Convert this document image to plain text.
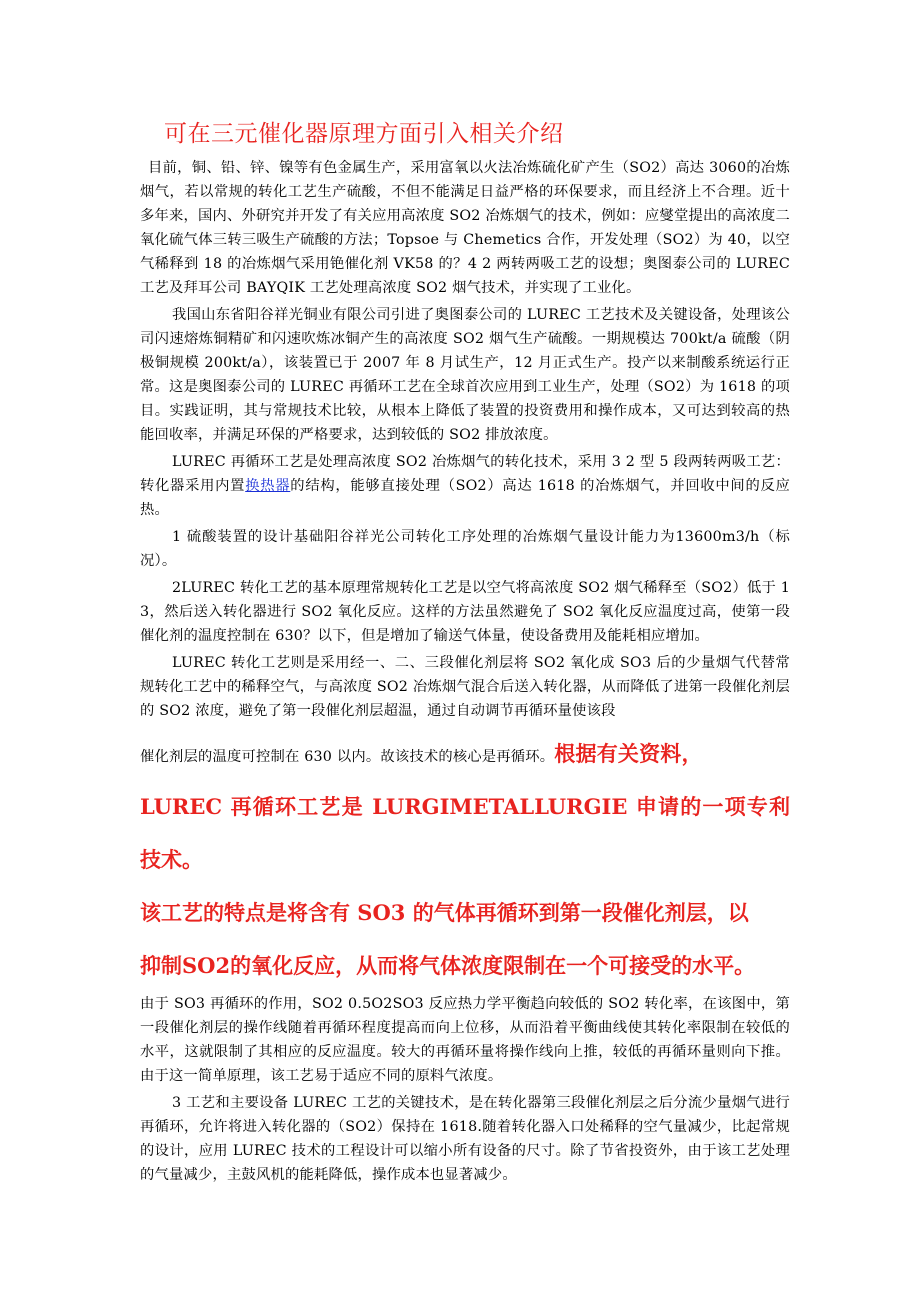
可在三元催化器原理方面引入相关介绍

目前，铜、铅、锌、镍等有色金属生产，采用富氧以火法冶炼硫化矿产生（SO2）高达 3060的冶炼烟气，若以常规的转化工艺生产硫酸，不但不能满足日益严格的环保要求，而且经济上不合理。近十多年来，国内、外研究并开发了有关应用高浓度 SO2 冶炼烟气的技术，例如：应燮堂提出的高浓度二氧化硫气体三转三吸生产硫酸的方法；Topsoe 与 Chemetics 合作，开发处理（SO2）为 40，以空气稀释到 18 的冶炼烟气采用铯催化剂 VK58 的？4 2 两转两吸工艺的设想；奥图泰公司的 LUREC 工艺及拜耳公司 BAYQIK 工艺处理高浓度 SO2 烟气技术，并实现了工业化。

我国山东省阳谷祥光铜业有限公司引进了奥图泰公司的 LUREC 工艺技术及关键设备，处理该公司闪速熔炼铜精矿和闪速吹炼冰铜产生的高浓度 SO2 烟气生产硫酸。一期规模达 700kt/a 硫酸（阴极铜规模 200kt/a），该装置已于 2007 年 8 月试生产，12 月正式生产。投产以来制酸系统运行正常。这是奥图泰公司的 LUREC 再循环工艺在全球首次应用到工业生产，处理（SO2）为 1618 的项目。实践证明，其与常规技术比较，从根本上降低了装置的投资费用和操作成本，又可达到较高的热能回收率，并满足环保的严格要求，达到较低的 SO2 排放浓度。

LUREC 再循环工艺是处理高浓度 SO2 冶炼烟气的转化技术，采用 3 2 型 5 段两转两吸工艺：转化器采用内置换热器的结构，能够直接处理（SO2）高达 1618 的冶炼烟气，并回收中间的反应热。

1 硫酸装置的设计基础阳谷祥光公司转化工序处理的冶炼烟气量设计能力为13600m3/h（标况）。

2LUREC 转化工艺的基本原理常规转化工艺是以空气将高浓度 SO2 烟气稀释至（SO2）低于 13，然后送入转化器进行 SO2 氧化反应。这样的方法虽然避免了 SO2 氧化反应温度过高，使第一段催化剂的温度控制在 630？以下，但是增加了输送气体量，使设备费用及能耗相应增加。

LUREC 转化工艺则是采用经一、二、三段催化剂层将 SO2 氧化成 SO3 后的少量烟气代替常规转化工艺中的稀释空气，与高浓度 SO2 冶炼烟气混合后送入转化器，从而降低了进第一段催化剂层的 SO2 浓度，避免了第一段催化剂层超温，通过自动调节再循环量使该段

催化剂层的温度可控制在 630 以内。故该技术的核心是再循环。根据有关资料，

LUREC 再循环工艺是 LURGIMETALLURGIE 申请的一项专利技术。

该工艺的特点是将含有 SO3 的气体再循环到第一段催化剂层，以

抑制SO2的氧化反应，从而将气体浓度限制在一个可接受的水平。

由于 SO3 再循环的作用，SO2 0.5O2SO3 反应热力学平衡趋向较低的 SO2 转化率，在该图中，第一段催化剂层的操作线随着再循环程度提高而向上位移，从而沿着平衡曲线使其转化率限制在较低的水平，这就限制了其相应的反应温度。较大的再循环量将操作线向上推，较低的再循环量则向下推。由于这一简单原理，该工艺易于适应不同的原料气浓度。

3 工艺和主要设备 LUREC 工艺的关键技术，是在转化器第三段催化剂层之后分流少量烟气进行再循环，允许将进入转化器的（SO2）保持在 1618.随着转化器入口处稀释的空气量减少，比起常规的设计，应用 LUREC 技术的工程设计可以缩小所有设备的尺寸。除了节省投资外，由于该工艺处理的气量减少，主鼓风机的能耗降低，操作成本也显著减少。
